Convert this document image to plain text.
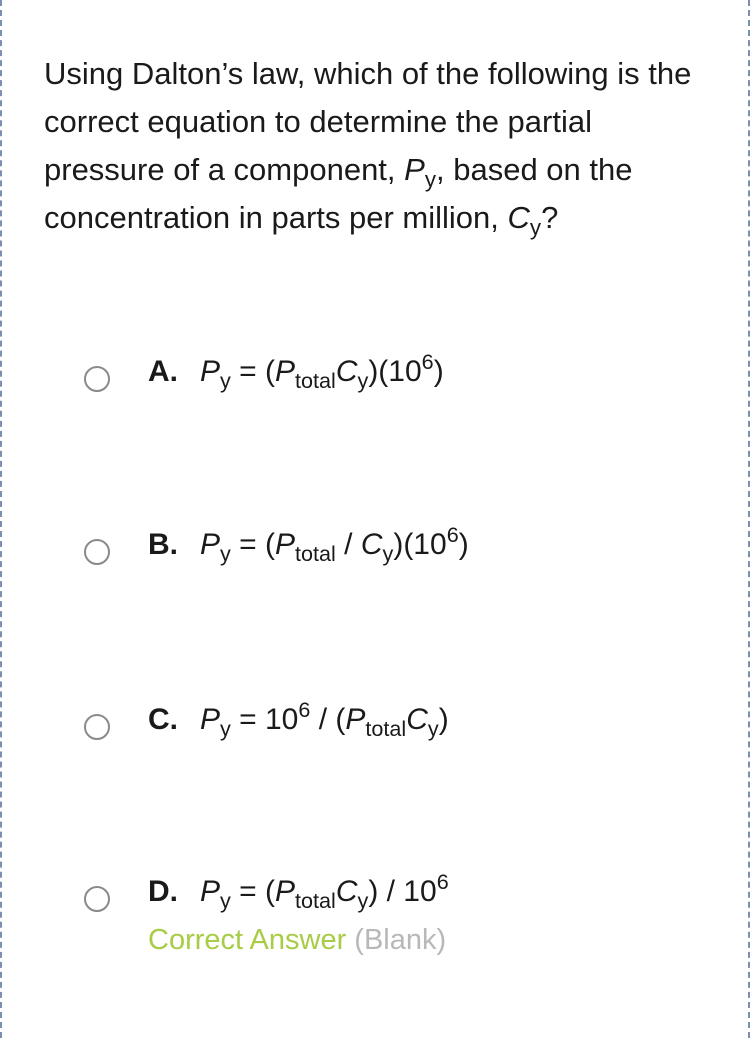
Using Dalton’s law, which of the following is the correct equation to determine the partial pressure of a component, $P_y$, based on the concentration in parts per million, $C_y$?
A. $P_y = (P_{total}C_y)(10^6)$
B. $P_y = (P_{total} / C_y)(10^6)$
C. $P_y = 10^6 / (P_{total}C_y)$
D. $P_y = (P_{total}C_y) / 10^6$
Correct Answer (Blank)
